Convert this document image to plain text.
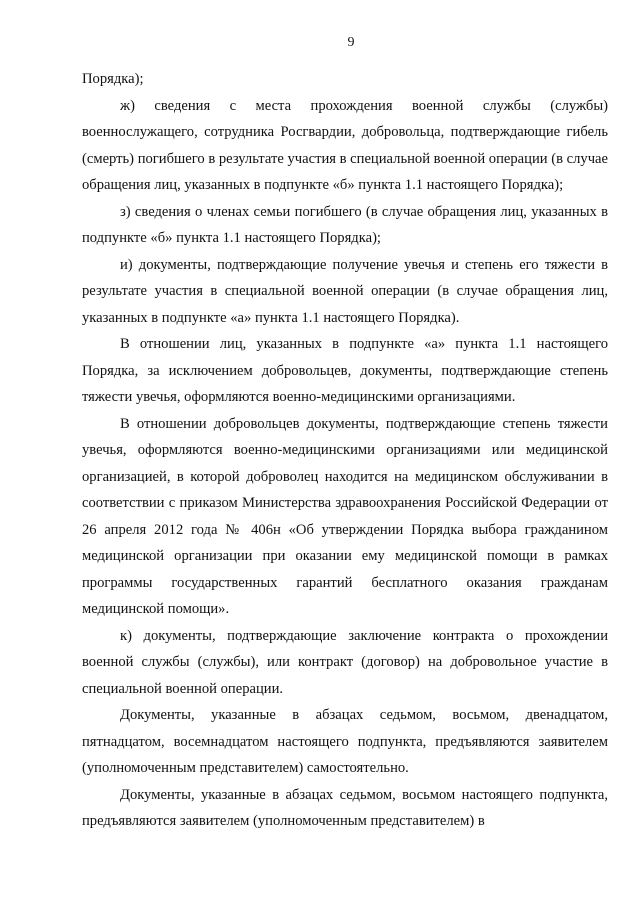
9

Порядка);

ж) сведения с места прохождения военной службы (службы) военнослужащего, сотрудника Росгвардии, добровольца, подтверждающие гибель (смерть) погибшего в результате участия в специальной военной операции (в случае обращения лиц, указанных в подпункте «б» пункта 1.1 настоящего Порядка);

з) сведения о членах семьи погибшего (в случае обращения лиц, указанных в подпункте «б» пункта 1.1 настоящего Порядка);

и) документы, подтверждающие получение увечья и степень его тяжести в результате участия в специальной военной операции (в случае обращения лиц, указанных в подпункте «а» пункта 1.1 настоящего Порядка).

В отношении лиц, указанных в подпункте «а» пункта 1.1 настоящего Порядка, за исключением добровольцев, документы, подтверждающие степень тяжести увечья, оформляются военно-медицинскими организациями.

В отношении добровольцев документы, подтверждающие степень тяжести увечья, оформляются военно-медицинскими организациями или медицинской организацией, в которой доброволец находится на медицинском обслуживании в соответствии с приказом Министерства здравоохранения Российской Федерации от 26 апреля 2012 года № 406н «Об утверждении Порядка выбора гражданином медицинской организации при оказании ему медицинской помощи в рамках программы государственных гарантий бесплатного оказания гражданам медицинской помощи».

к) документы, подтверждающие заключение контракта о прохождении военной службы (службы), или контракт (договор) на добровольное участие в специальной военной операции.

Документы, указанные в абзацах седьмом, восьмом, двенадцатом, пятнадцатом, восемнадцатом настоящего подпункта, предъявляются заявителем (уполномоченным представителем) самостоятельно.

Документы, указанные в абзацах седьмом, восьмом настоящего подпункта, предъявляются заявителем (уполномоченным представителем) в
